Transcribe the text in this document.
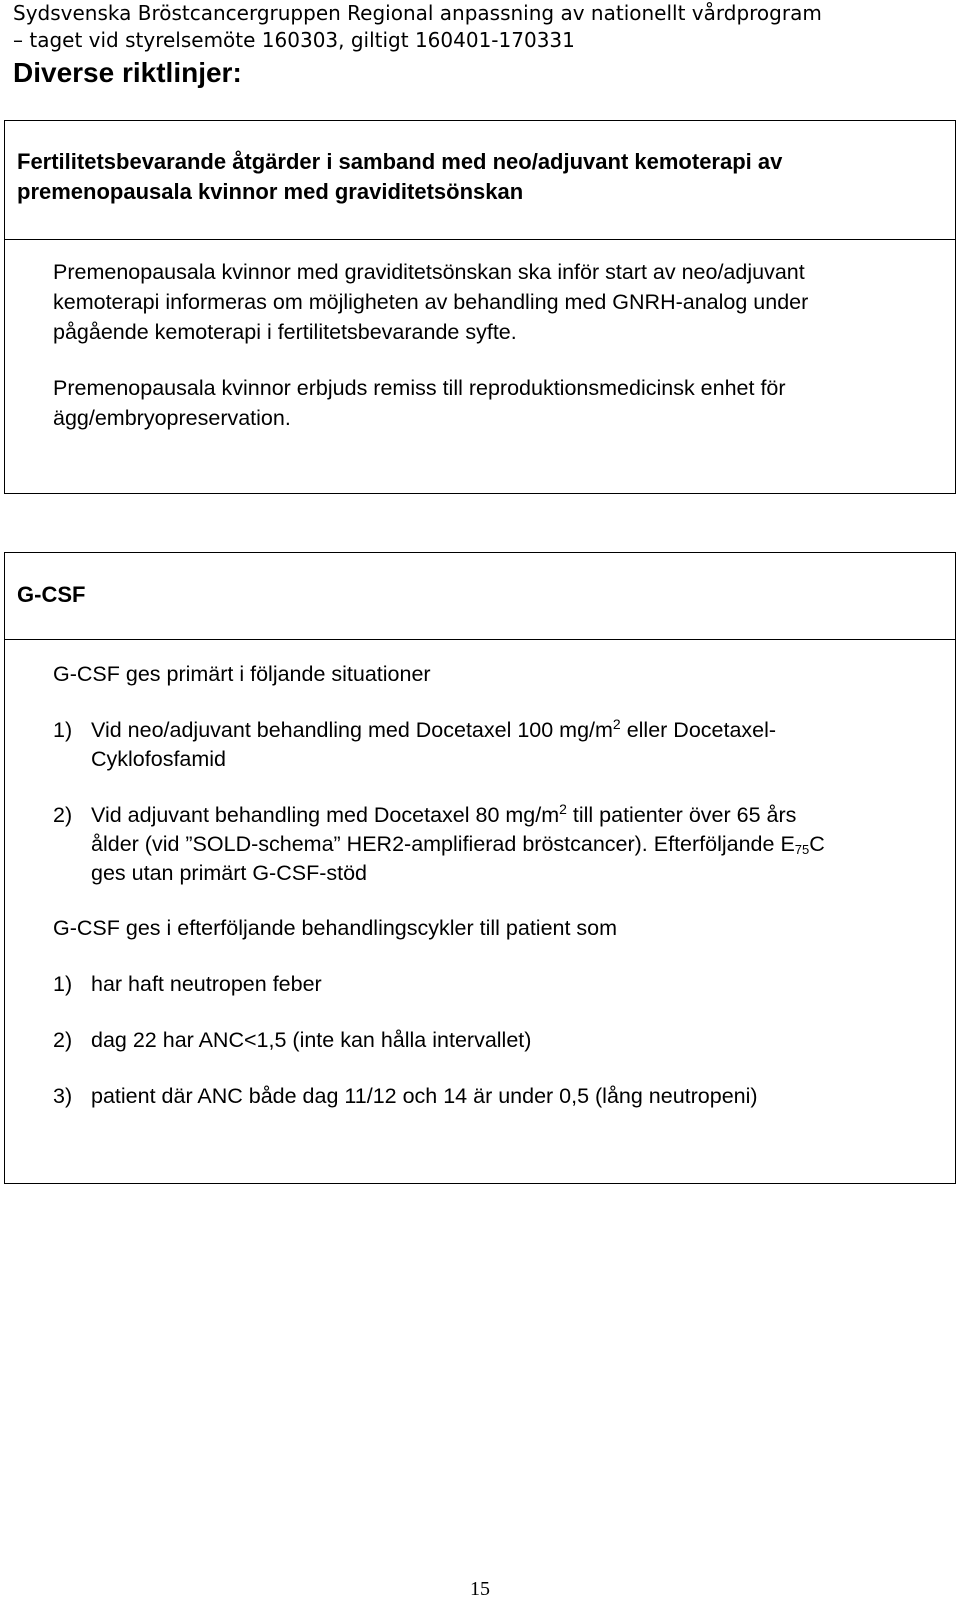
Sydsvenska Bröstcancergruppen Regional anpassning av nationellt vårdprogram
– taget vid styrelsemöte 160303, giltigt 160401-170331
Diverse riktlinjer:
Fertilitetsbevarande åtgärder i samband med neo/adjuvant kemoterapi av
premenopausala kvinnor med graviditetsönskan
Premenopausala kvinnor med graviditetsönskan ska inför start av neo/adjuvant
kemoterapi informeras om möjligheten av behandling med GNRH-analog under
pågående kemoterapi i fertilitetsbevarande syfte.
Premenopausala kvinnor erbjuds remiss till reproduktionsmedicinsk enhet för
ägg/embryopreservation.
G-CSF
G-CSF ges primärt i följande situationer
1) Vid neo/adjuvant behandling med Docetaxel 100 $mg/m^2$ eller Docetaxel-
Cyklofosfamid
2) Vid adjuvant behandling med Docetaxel 80 $mg/m^2$ till patienter över 65 års
ålder (vid ”SOLD-schema” HER2-amplifierad bröstcancer). Efterföljande $E_{75}C$
ges utan primärt G-CSF-stöd
G-CSF ges i efterföljande behandlingscykler till patient som
1) har haft neutropen feber
2) dag 22 har ANC<1,5 (inte kan hålla intervallet)
3) patient där ANC både dag 11/12 och 14 är under 0,5 (lång neutropeni)
15
